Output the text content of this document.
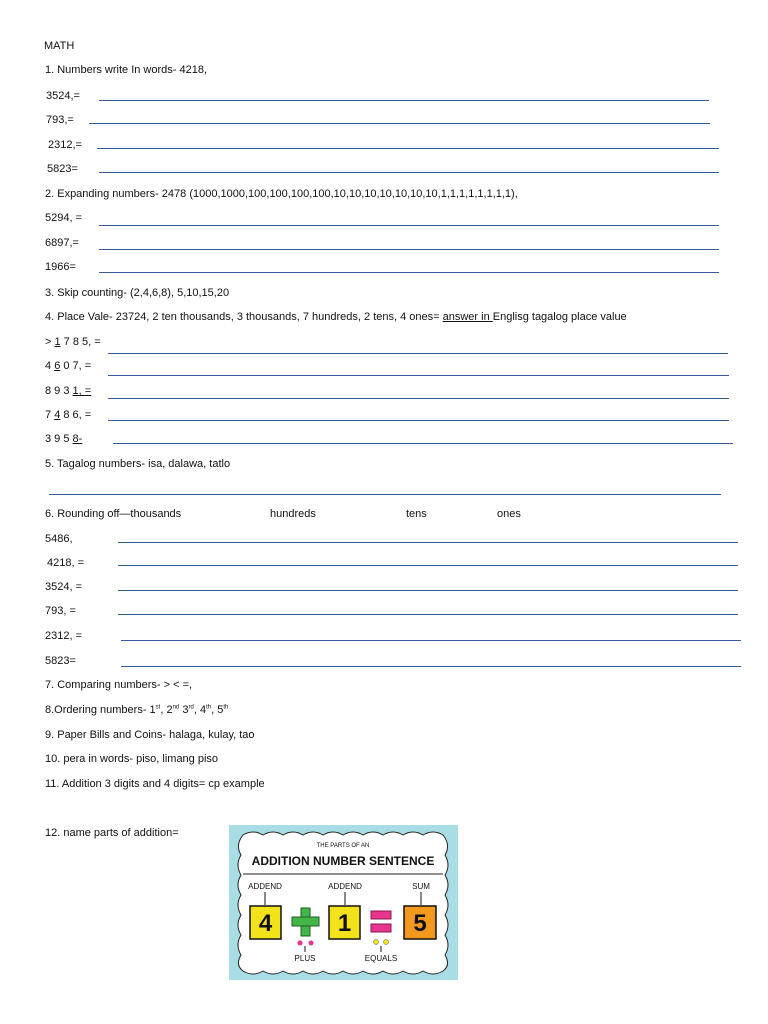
MATH
1. Numbers write In words- 4218,
3524,=
793,=
2312,=
5823=
2. Expanding numbers- 2478 (1000,1000,100,100,100,100,10,10,10,10,10,10,10,1,1,1,1,1,1,1,1),
5294, =
6897,=
1966=
3. Skip counting- (2,4,6,8), 5,10,15,20
4. Place Vale- 23724, 2 ten thousands, 3 thousands, 7 hundreds, 2 tens, 4 ones= answer in Englisg tagalog place value
> 1 7 8 5, =
4 6 0 7, =
8 9 3 1, =
7 4 8 6, =
3 9 5 8-
5. Tagalog numbers- isa, dalawa, tatlo
6. Rounding off—thousands	hundreds	tens	ones
5486,
4218, =
3524, =
793, =
2312, =
5823=
7. Comparing numbers- > < =,
8.Ordering numbers- 1st, 2nd 3rd, 4th, 5th
9. Paper Bills and Coins- halaga, kulay, tao
10. pera in words- piso, limang piso
11. Addition 3 digits and 4 digits= cp example
12. name parts of addition=
THE PARTS OF AN
ADDITION NUMBER SENTENCE
ADDEND	ADDEND	SUM
4	1	5
PLUS	EQUALS
